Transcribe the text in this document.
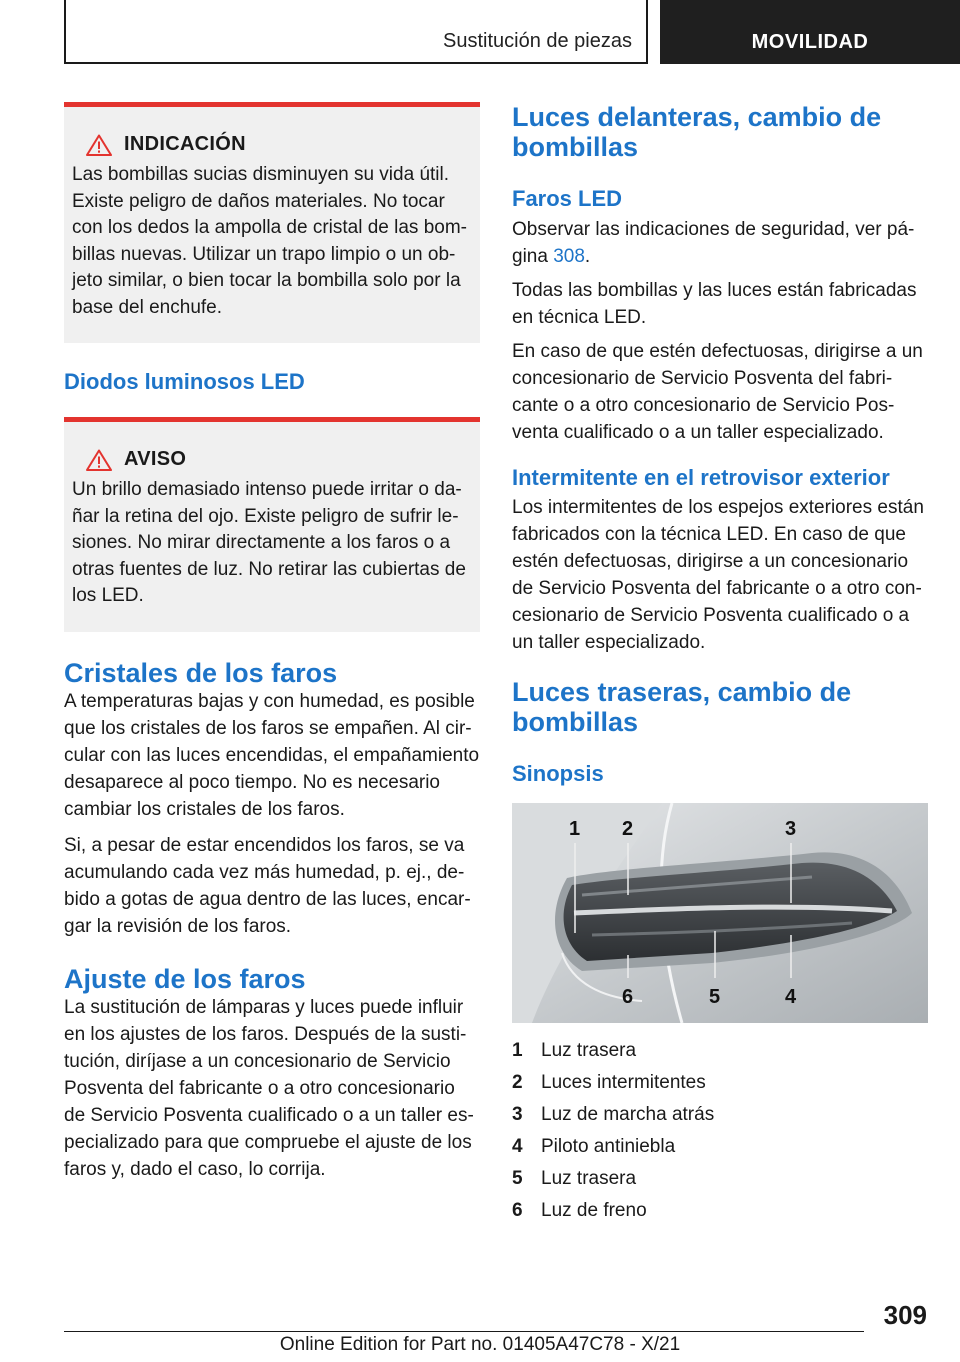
Sustitución de piezas	MOVILIDAD
INDICACIÓN

Las bombillas sucias disminuyen su vida útil. Existe peligro de daños materiales. No tocar con los dedos la ampolla de cristal de las bom‐billas nuevas. Utilizar un trapo limpio o un ob‐jeto similar, o bien tocar la bombilla solo por la base del enchufe.

Diodos luminosos LED
AVISO

Un brillo demasiado intenso puede irritar o da‐ñar la retina del ojo. Existe peligro de sufrir le‐siones. No mirar directamente a los faros o a otras fuentes de luz. No retirar las cubiertas de los LED.

Cristales de los faros

A temperaturas bajas y con humedad, es posible que los cristales de los faros se empañen. Al cir‐cular con las luces encendidas, el empañamiento desaparece al poco tiempo. No es necesario cambiar los cristales de los faros.

Si, a pesar de estar encendidos los faros, se va acumulando cada vez más humedad, p. ej., de‐bido a gotas de agua dentro de las luces, encar‐gar la revisión de los faros.

Ajuste de los faros

La sustitución de lámparas y luces puede influir en los ajustes de los faros. Después de la susti‐tución, diríjase a un concesionario de Servicio Posventa del fabricante o a otro concesionario de Servicio Posventa cualificado o a un taller es‐pecializado para que compruebe el ajuste de los faros y, dado el caso, lo corrija.

Luces delanteras, cambio de bombillas
Faros LED

Observar las indicaciones de seguridad, ver pá‐gina 308.

Todas las bombillas y las luces están fabricadas en técnica LED.

En caso de que estén defectuosas, dirigirse a un concesionario de Servicio Posventa del fabri‐cante o a otro concesionario de Servicio Pos‐venta cualificado o a un taller especializado.

Intermitente en el retrovisor exterior

Los intermitentes de los espejos exteriores están fabricados con la técnica LED. En caso de que estén defectuosas, dirigirse a un concesionario de Servicio Posventa del fabricante o a otro con‐cesionario de Servicio Posventa cualificado o a un taller especializado.

Luces traseras, cambio de bombillas
Sinopsis
1 2	3
4
5
6
1 Luz trasera
2 Luces intermitentes
3 Luz de marcha atrás
4 Piloto antiniebla
5 Luz trasera
6 Luz de freno
309
Online Edition for Part no. 01405A47C78 - X/21
